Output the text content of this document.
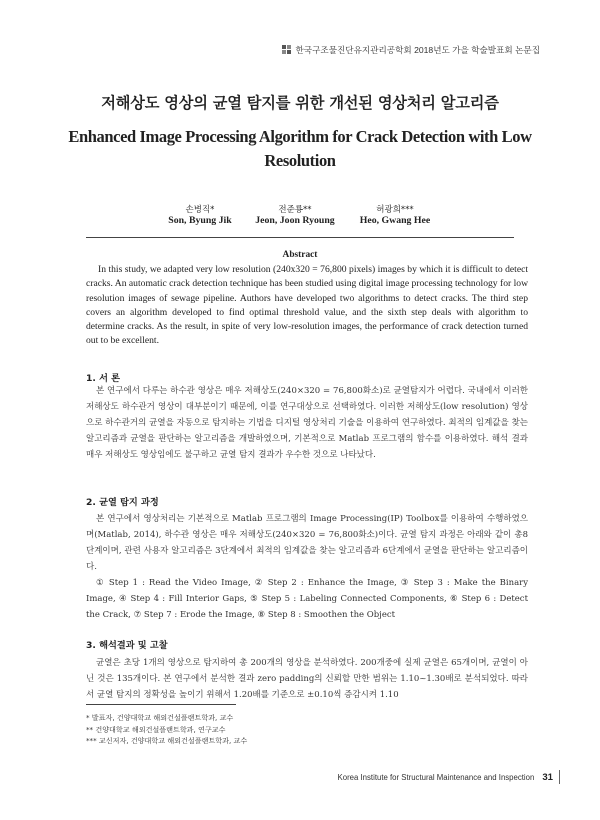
한국구조물진단유지관리공학회 2018년도 가을 학술발표회 논문집
저해상도 영상의 균열 탐지를 위한 개선된 영상처리 알고리즘
Enhanced Image Processing Algorithm for Crack Detection with Low Resolution
손병직*	전준룡**	허광희***
Son, Byung Jik	Jeon, Joon Ryoung	Heo, Gwang Hee
Abstract
In this study, we adapted very low resolution (240x320 = 76,800 pixels) images by which it is difficult to detect cracks. An automatic crack detection technique has been studied using digital image processing technology for low resolution images of sewage pipeline. Authors have developed two algorithms to detect cracks. The third step covers an algorithm developed to find optimal threshold value, and the sixth step deals with algorithm to determine cracks. As the result, in spite of very low-resolution images, the performance of crack detection turned out to be excellent.
1. 서 론

본 연구에서 다루는 하수관 영상은 매우 저해상도(240×320 = 76,800화소)로 균열탐지가 어렵다. 국내에서 이러한 저해상도 하수관거 영상이 대부분이기 때문에, 이를 연구대상으로 선택하였다. 이러한 저해상도(low resolution) 영상으로 하수관거의 균열을 자동으로 탐지하는 기법을 디지털 영상처리 기술을 이용하여 연구하였다. 최적의 임계값을 찾는 알고리즘과 균열을 판단하는 알고리즘을 개발하였으며, 기본적으로 Matlab 프로그램의 함수를 이용하였다. 해석 결과 매우 저해상도 영상임에도 불구하고 균열 탐지 결과가 우수한 것으로 나타났다.

2. 균열 탐지 과정

본 연구에서 영상처리는 기본적으로 Matlab 프로그램의 Image Processing(IP) Toolbox를 이용하여 수행하였으며(Matlab, 2014), 하수관 영상은 매우 저해상도(240×320 = 76,800화소)이다. 균열 탐지 과정은 아래와 같이 총8단계이며, 관련 사용자 알고리즘은 3단계에서 최적의 임계값을 찾는 알고리즘과 6단계에서 균열을 판단하는 알고리즘이다.

① Step 1 : Read the Video Image, ② Step 2 : Enhance the Image, ③ Step 3 : Make the Binary Image, ④ Step 4 : Fill Interior Gaps, ⑤ Step 5 : Labeling Connected Components, ⑥ Step 6 : Detect the Crack, ⑦ Step 7 : Erode the Image, ⑧ Step 8 : Smoothen the Object

3. 해석결과 및 고찰

균열은 초당 1개의 영상으로 탐지하여 총 200개의 영상을 분석하였다. 200개중에 실제 균열은 65개이며, 균열이 아닌 것은 135개이다. 본 연구에서 분석한 결과 zero padding의 신뢰할 만한 범위는 1.10~1.30배로 분석되었다. 따라서 균열 탐지의 정확성을 높이기 위해서 1.20배를 기준으로 ±0.10씩 증감시켜 1.10

* 발표자, 건양대학교 해외건설플랜트학과, 교수
** 건양대학교 해외건설플랜트학과, 연구교수
*** 교신저자, 건양대학교 해외건설플랜트학과, 교수
Korea Institute for Structural Maintenance and Inspection 31
